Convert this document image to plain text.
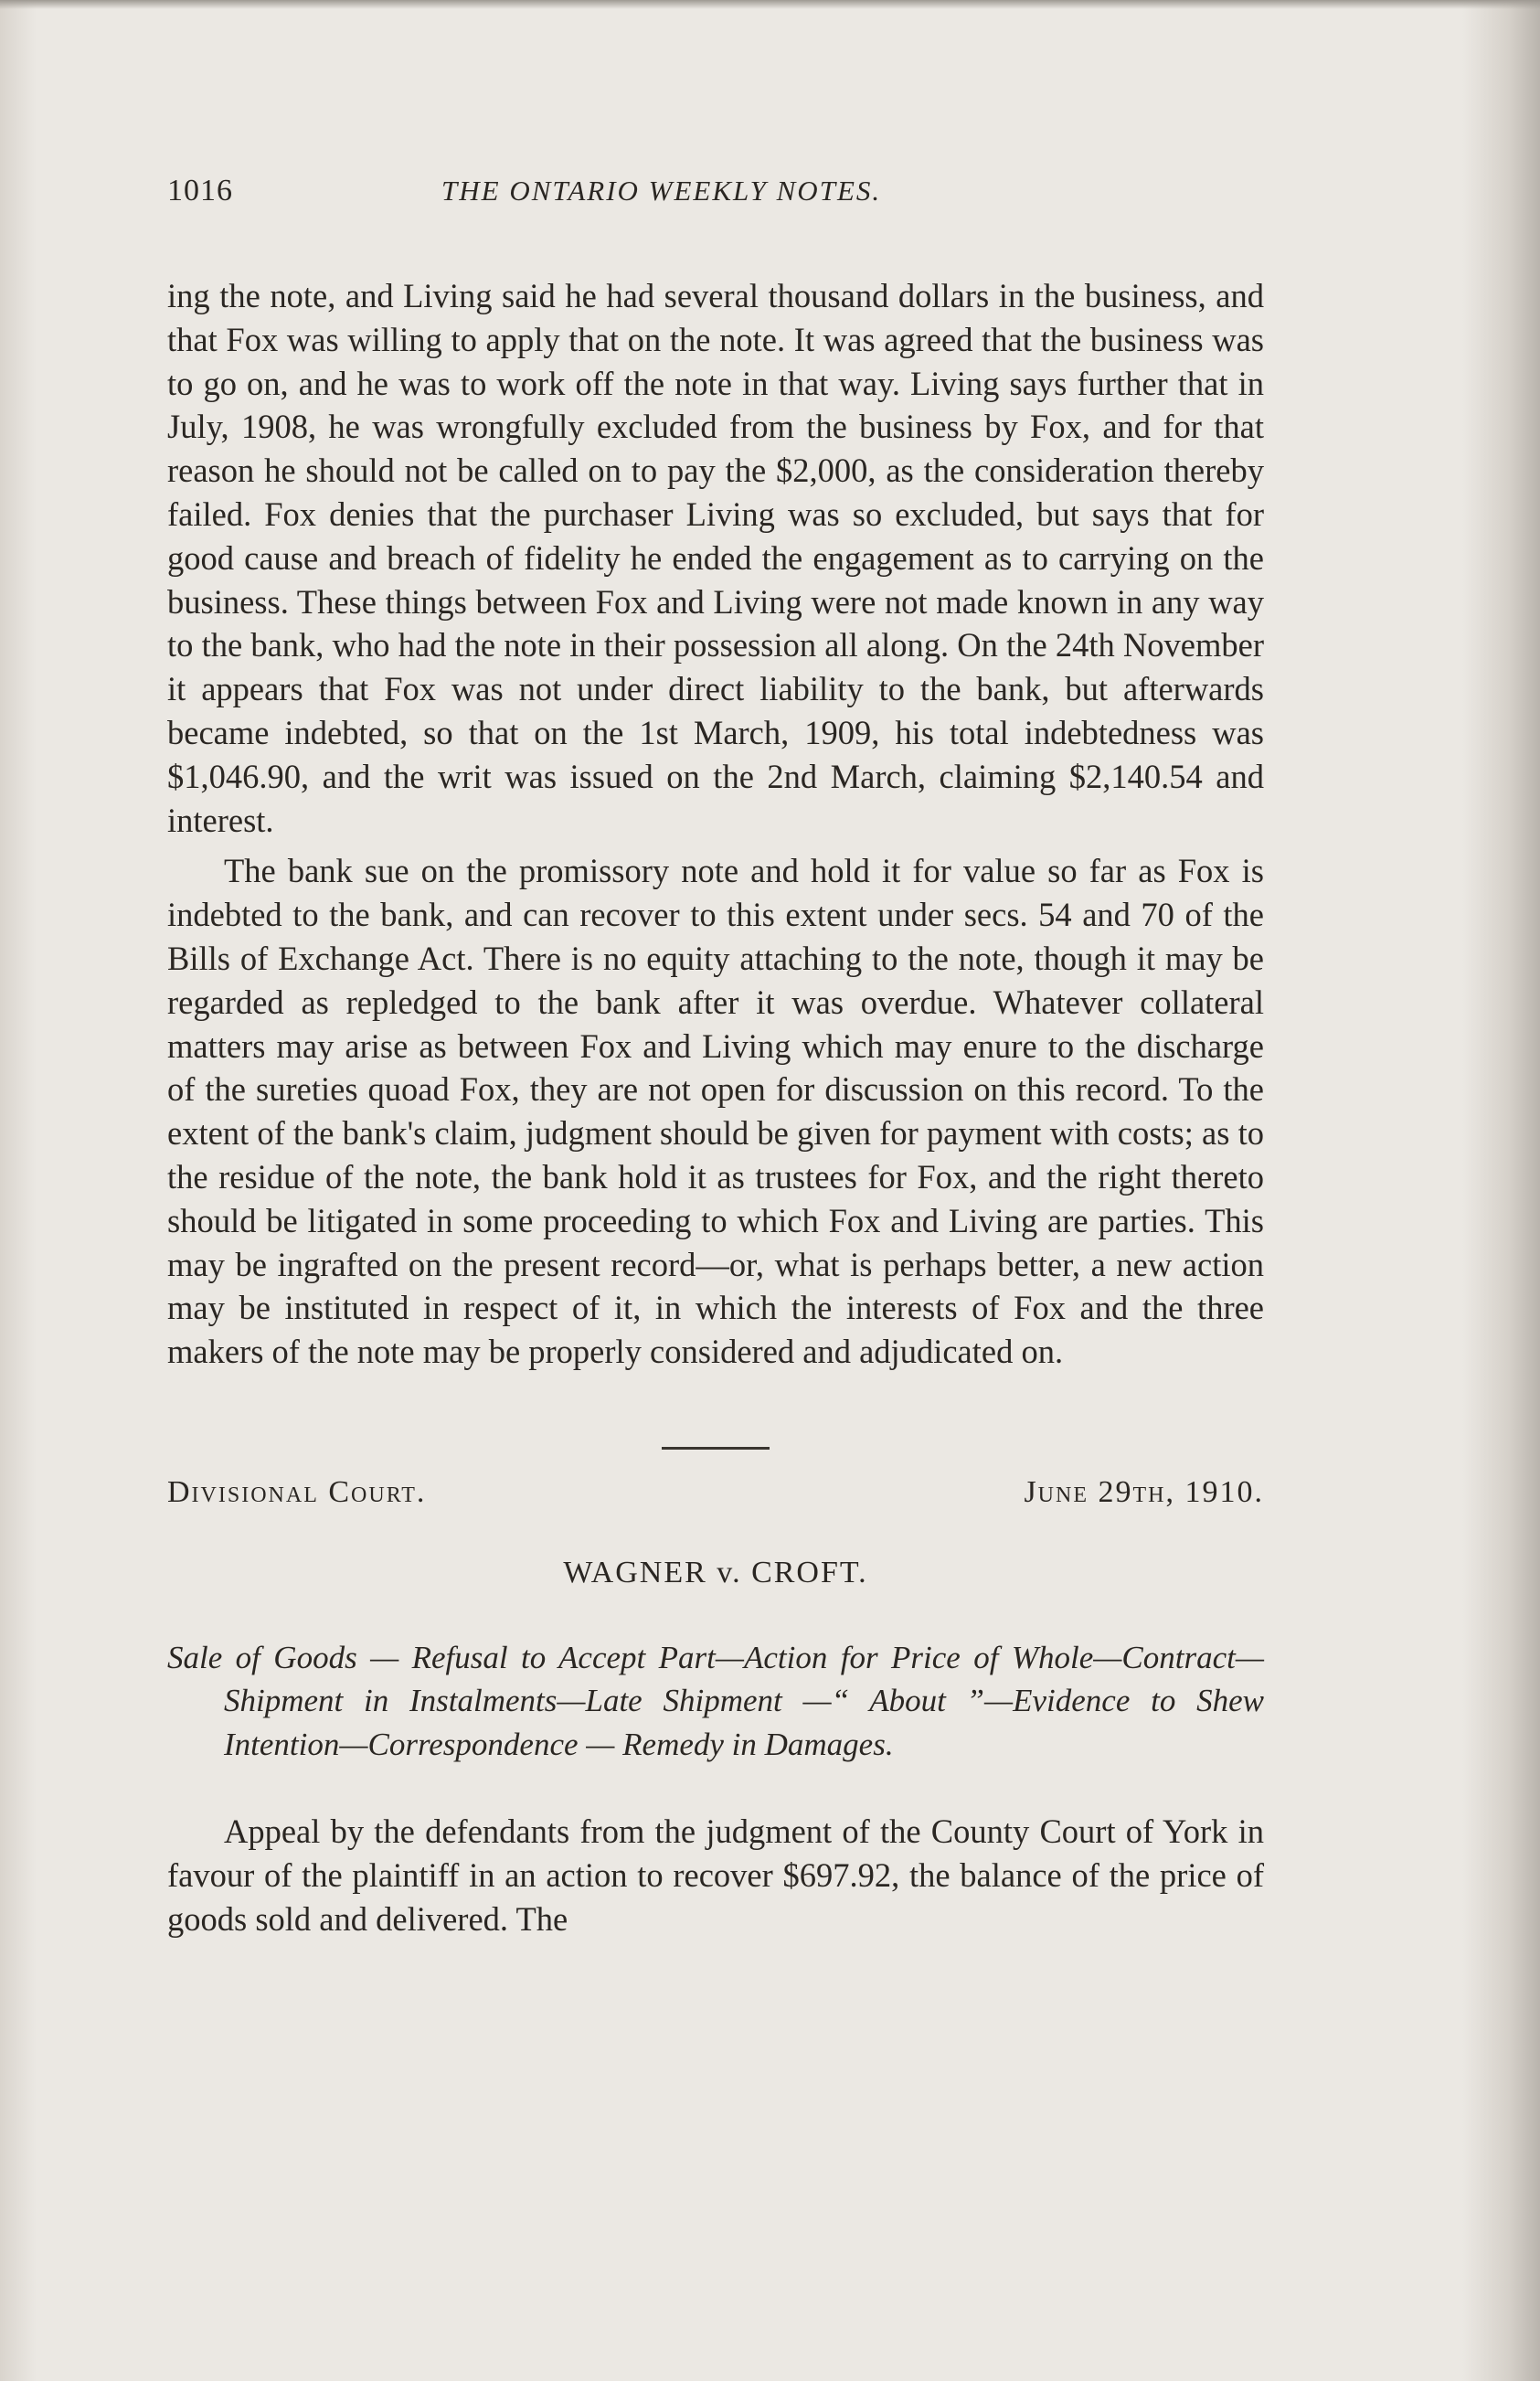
1016	THE ONTARIO WEEKLY NOTES.

ing the note, and Living said he had several thousand dollars in the business, and that Fox was willing to apply that on the note. It was agreed that the business was to go on, and he was to work off the note in that way. Living says further that in July, 1908, he was wrongfully excluded from the business by Fox, and for that reason he should not be called on to pay the $2,000, as the consideration thereby failed. Fox denies that the purchaser Living was so excluded, but says that for good cause and breach of fidelity he ended the engagement as to carrying on the business. These things between Fox and Living were not made known in any way to the bank, who had the note in their possession all along. On the 24th November it appears that Fox was not under direct liability to the bank, but afterwards became indebted, so that on the 1st March, 1909, his total indebtedness was $1,046.90, and the writ was issued on the 2nd March, claiming $2,140.54 and interest.

The bank sue on the promissory note and hold it for value so far as Fox is indebted to the bank, and can recover to this extent under secs. 54 and 70 of the Bills of Exchange Act. There is no equity attaching to the note, though it may be regarded as repledged to the bank after it was overdue. Whatever collateral matters may arise as between Fox and Living which may enure to the discharge of the sureties quoad Fox, they are not open for discussion on this record. To the extent of the bank's claim, judgment should be given for payment with costs; as to the residue of the note, the bank hold it as trustees for Fox, and the right thereto should be litigated in some proceeding to which Fox and Living are parties. This may be ingrafted on the present record—or, what is perhaps better, a new action may be instituted in respect of it, in which the interests of Fox and the three makers of the note may be properly considered and adjudicated on.

Divisional Court.	June 29th, 1910.
WAGNER v. CROFT.

Sale of Goods — Refusal to Accept Part—Action for Price of Whole—Contract—Shipment in Instalments—Late Shipment —“ About ”—Evidence to Shew Intention—Correspondence — Remedy in Damages.

Appeal by the defendants from the judgment of the County Court of York in favour of the plaintiff in an action to recover $697.92, the balance of the price of goods sold and delivered. The
